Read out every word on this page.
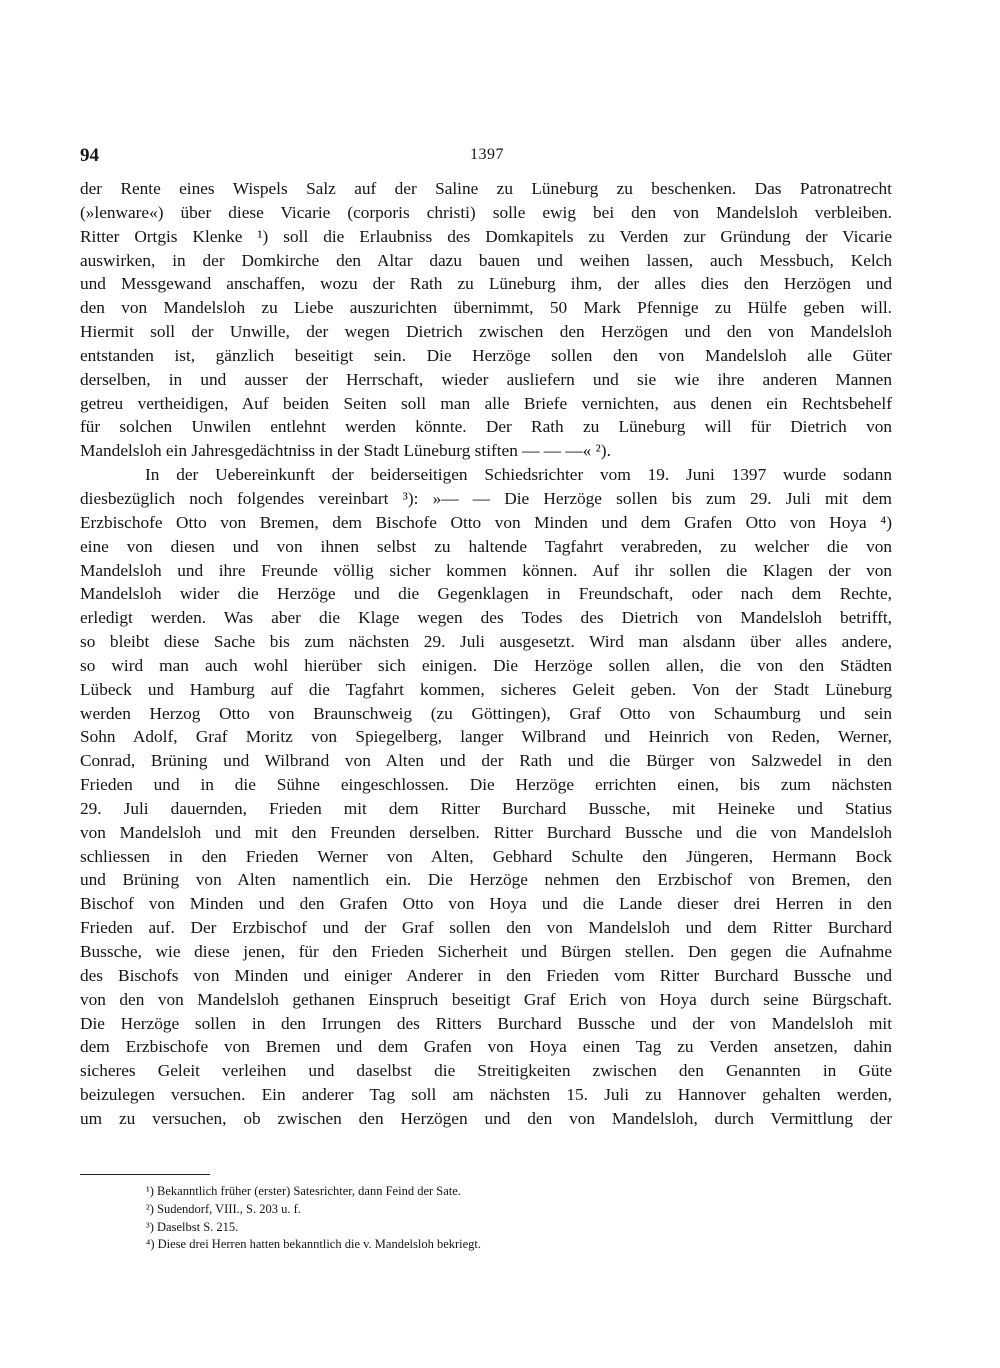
94	1397
der Rente eines Wispels Salz auf der Saline zu Lüneburg zu beschenken. Das Patronatrecht
(»lenware«) über diese Vicarie (corporis christi) solle ewig bei den von Mandelsloh verbleiben.
Ritter Ortgis Klenke ¹) soll die Erlaubniss des Domkapitels zu Verden zur Gründung der Vicarie
auswirken, in der Domkirche den Altar dazu bauen und weihen lassen, auch Messbuch, Kelch
und Messgewand anschaffen, wozu der Rath zu Lüneburg ihm, der alles dies den Herzögen und
den von Mandelsloh zu Liebe auszurichten übernimmt, 50 Mark Pfennige zu Hülfe geben will.
Hiermit soll der Unwille, der wegen Dietrich zwischen den Herzögen und den von Mandelsloh
entstanden ist, gänzlich beseitigt sein. Die Herzöge sollen den von Mandelsloh alle Güter
derselben, in und ausser der Herrschaft, wieder ausliefern und sie wie ihre anderen Mannen
getreu vertheidigen, Auf beiden Seiten soll man alle Briefe vernichten, aus denen ein Rechtsbehelf
für solchen Unwilen entlehnt werden könnte. Der Rath zu Lüneburg will für Dietrich von
Mandelsloh ein Jahresgedächtniss in der Stadt Lüneburg stiften — — —« ²).
In der Uebereinkunft der beiderseitigen Schiedsrichter vom 19. Juni 1397 wurde sodann
diesbezüglich noch folgendes vereinbart ³): »— — Die Herzöge sollen bis zum 29. Juli mit dem
Erzbischofe Otto von Bremen, dem Bischofe Otto von Minden und dem Grafen Otto von Hoya ⁴)
eine von diesen und von ihnen selbst zu haltende Tagfahrt verabreden, zu welcher die von
Mandelsloh und ihre Freunde völlig sicher kommen können. Auf ihr sollen die Klagen der von
Mandelsloh wider die Herzöge und die Gegenklagen in Freundschaft, oder nach dem Rechte,
erledigt werden. Was aber die Klage wegen des Todes des Dietrich von Mandelsloh betrifft,
so bleibt diese Sache bis zum nächsten 29. Juli ausgesetzt. Wird man alsdann über alles andere,
so wird man auch wohl hierüber sich einigen. Die Herzöge sollen allen, die von den Städten
Lübeck und Hamburg auf die Tagfahrt kommen, sicheres Geleit geben. Von der Stadt Lüneburg
werden Herzog Otto von Braunschweig (zu Göttingen), Graf Otto von Schaumburg und sein
Sohn Adolf, Graf Moritz von Spiegelberg, langer Wilbrand und Heinrich von Reden, Werner,
Conrad, Brüning und Wilbrand von Alten und der Rath und die Bürger von Salzwedel in den
Frieden und in die Sühne eingeschlossen. Die Herzöge errichten einen, bis zum nächsten
29. Juli dauernden, Frieden mit dem Ritter Burchard Bussche, mit Heineke und Statius
von Mandelsloh und mit den Freunden derselben. Ritter Burchard Bussche und die von Mandelsloh
schliessen in den Frieden Werner von Alten, Gebhard Schulte den Jüngeren, Hermann Bock
und Brüning von Alten namentlich ein. Die Herzöge nehmen den Erzbischof von Bremen, den
Bischof von Minden und den Grafen Otto von Hoya und die Lande dieser drei Herren in den
Frieden auf. Der Erzbischof und der Graf sollen den von Mandelsloh und dem Ritter Burchard
Bussche, wie diese jenen, für den Frieden Sicherheit und Bürgen stellen. Den gegen die Aufnahme
des Bischofs von Minden und einiger Anderer in den Frieden vom Ritter Burchard Bussche und
von den von Mandelsloh gethanen Einspruch beseitigt Graf Erich von Hoya durch seine Bürgschaft.
Die Herzöge sollen in den Irrungen des Ritters Burchard Bussche und der von Mandelsloh mit
dem Erzbischofe von Bremen und dem Grafen von Hoya einen Tag zu Verden ansetzen, dahin
sicheres Geleit verleihen und daselbst die Streitigkeiten zwischen den Genannten in Güte
beizulegen versuchen. Ein anderer Tag soll am nächsten 15. Juli zu Hannover gehalten werden,
um zu versuchen, ob zwischen den Herzögen und den von Mandelsloh, durch Vermittlung der
¹) Bekanntlich früher (erster) Satesrichter, dann Feind der Sate.
²) Sudendorf, VIII., S. 203 u. f.
³) Daselbst S. 215.
⁴) Diese drei Herren hatten bekanntlich die v. Mandelsloh bekriegt.
